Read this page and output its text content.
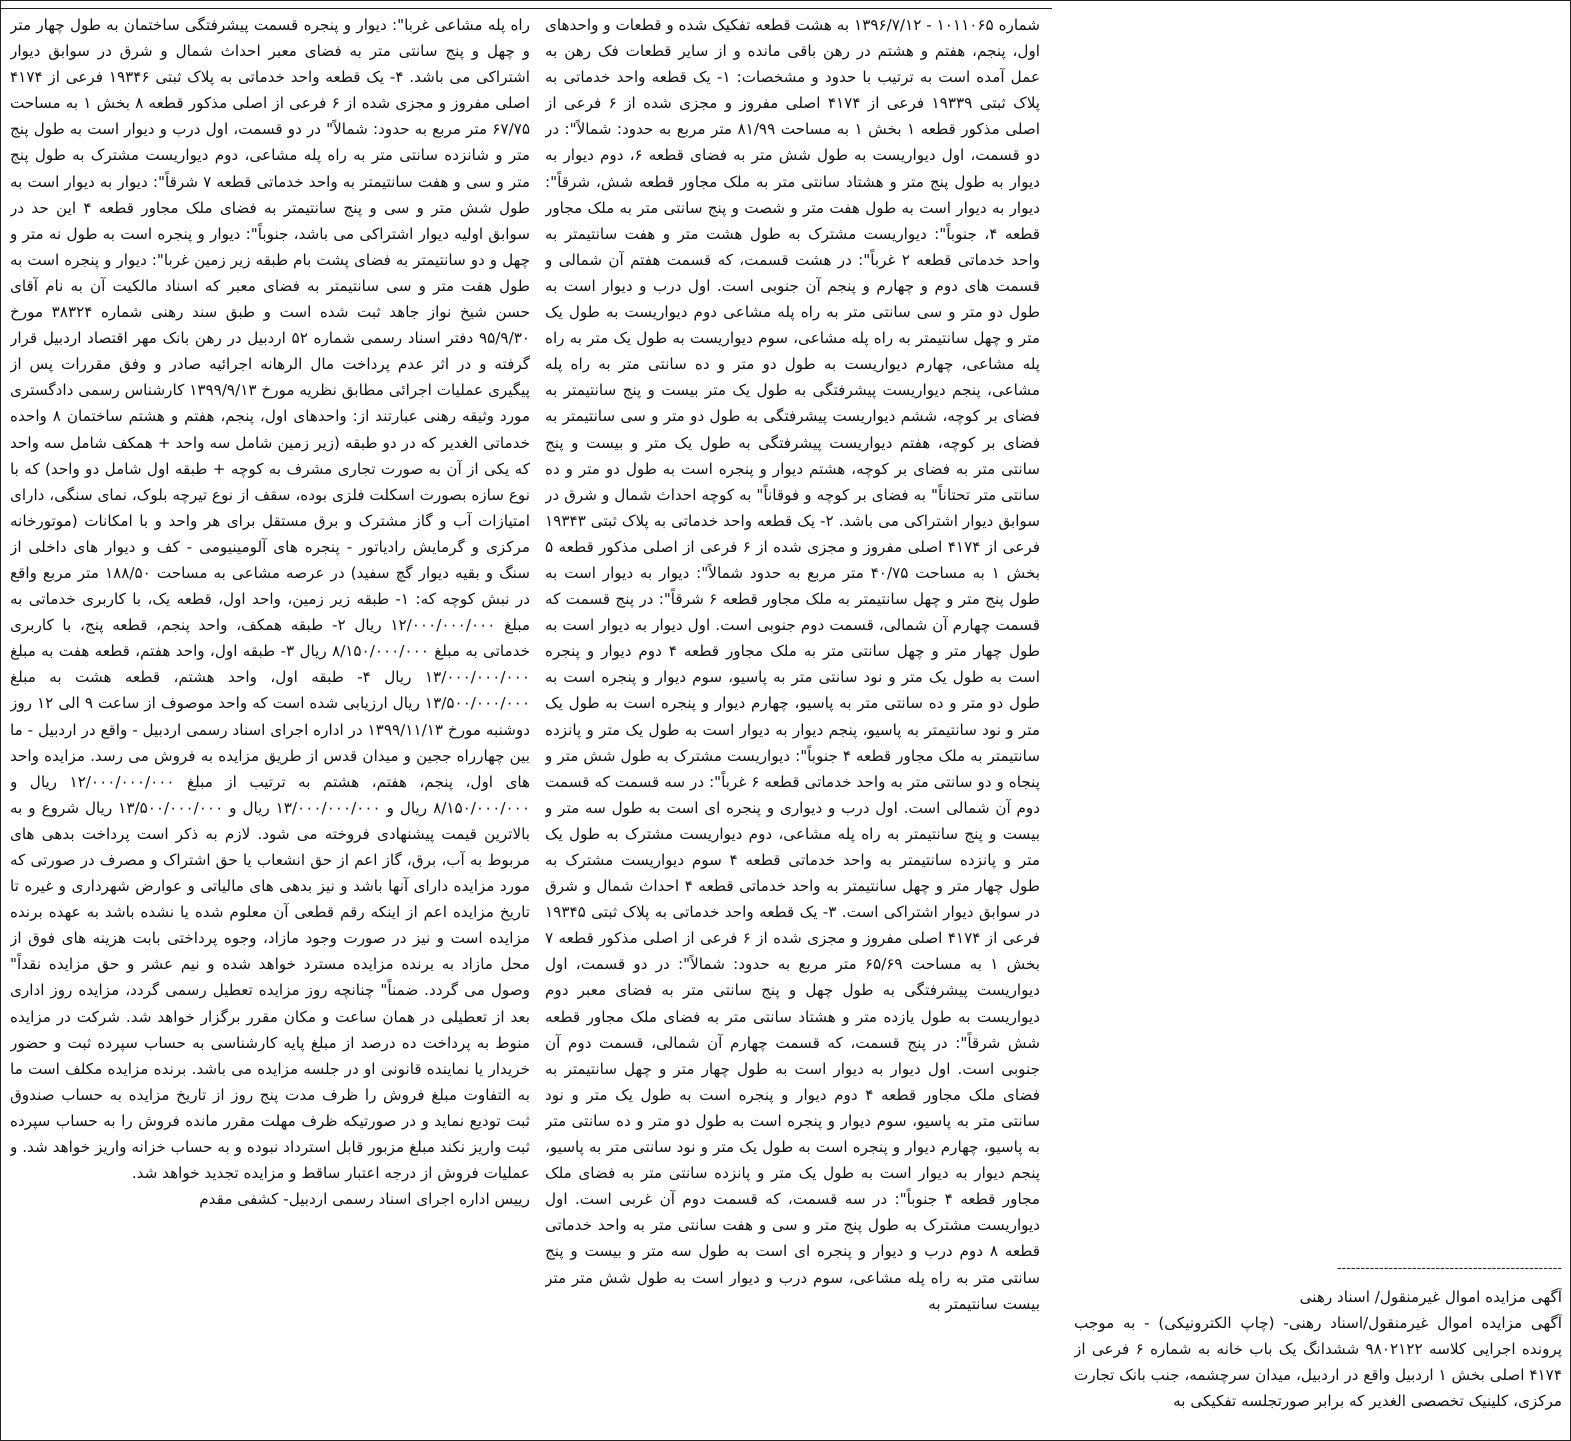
راه پله مشاعی غربا": دیوار و پنجره قسمت پیشرفتگی ساختمان به طول چهار متر و چهل و پنج سانتی متر به فضای معبر احداث شمال و شرق در سوابق دیوار اشتراکی می باشد. ۴- یک قطعه واحد خدماتی به پلاک ثبتی ۱۹۳۴۶ فرعی از ۴۱۷۴ اصلی مفروز و مجزی شده از ۶ فرعی از اصلی مذکور قطعه ۸ بخش ۱ به مساحت ۶۷/۷۵ متر مربع به حدود: شمالاً" در دو قسمت، اول درب و دیوار است به طول پنج متر و شانزده سانتی متر به راه پله مشاعی، دوم دیواریست مشترک به طول پنج متر و سی و هفت سانتیمتر به واحد خدماتی قطعه ۷ شرقاً": دیوار به دیوار است به طول شش متر و سی و پنج سانتیمتر به فضای ملک مجاور قطعه ۴ این حد در سوابق اولیه دیوار اشتراکی می باشد، جنوباً": دیوار و پنجره است به طول نه متر و چهل و دو سانتیمتر به فضای پشت بام طبقه زیر زمین غربا": دیوار و پنجره است به طول هفت متر و سی سانتیمتر به فضای معبر که اسناد مالکیت آن به نام آقای حسن شیخ نواز جاهد ثبت شده است و طبق سند رهنی شماره ۳۸۳۲۴ مورخ ۹۵/۹/۳۰ دفتر اسناد رسمی شماره ۵۲ اردبیل در رهن بانک مهر اقتصاد اردبیل قرار گرفته و در اثر عدم پرداخت مال الرهانه اجرائیه صادر و وفق مقررات پس از پیگیری عملیات اجرائی مطابق نظریه مورخ ۱۳۹۹/۹/۱۳ کارشناس رسمی دادگستری مورد وثیقه رهنی عبارتند از: واحدهای اول، پنجم، هفتم و هشتم ساختمان ۸ واحده خدماتی الغدیر که در دو طبقه (زیر زمین شامل سه واحد + همکف شامل سه واحد که یکی از آن به صورت تجاری مشرف به کوچه + طبقه اول شامل دو واحد) که با نوع سازه بصورت اسکلت فلزی بوده، سقف از نوع تیرچه بلوک، نمای سنگی، دارای امتیازات آب و گاز مشترک و برق مستقل برای هر واحد و با امکانات (موتورخانه مرکزی و گرمایش رادیاتور - پنجره های آلومینیومی - کف و دیوار های داخلی از سنگ و بقیه دیوار گچ سفید) در عرصه مشاعی به مساحت ۱۸۸/۵۰ متر مربع واقع در نبش کوچه که: ۱- طبقه زیر زمین، واحد اول، قطعه یک، با کاربری خدماتی به مبلغ ۱۲/۰۰۰/۰۰۰/۰۰۰ ریال ۲- طبقه همکف، واحد پنجم، قطعه پنج، با کاربری خدماتی به مبلغ ۸/۱۵۰/۰۰۰/۰۰۰ ریال ۳- طبقه اول، واحد هفتم، قطعه هفت به مبلغ ۱۳/۰۰۰/۰۰۰/۰۰۰ ریال ۴- طبقه اول، واحد هشتم، قطعه هشت به مبلغ ۱۳/۵۰۰/۰۰۰/۰۰۰ ریال ارزیابی شده است که واحد موصوف از ساعت ۹ الی ۱۲ روز دوشنبه مورخ ۱۳۹۹/۱۱/۱۳ در اداره اجرای اسناد رسمی اردبیل - واقع در اردبیل - ما بین چهارراه ججین و میدان قدس از طریق مزایده به فروش می رسد. مزایده واحد های اول، پنجم، هفتم، هشتم به ترتیب از مبلغ ۱۲/۰۰۰/۰۰۰/۰۰۰ ریال و ۸/۱۵۰/۰۰۰/۰۰۰ ریال و ۱۳/۰۰۰/۰۰۰/۰۰۰ ریال و ۱۳/۵۰۰/۰۰۰/۰۰۰ ریال شروع و به بالاترین قیمت پیشنهادی فروخته می شود. لازم به ذکر است پرداخت بدهی های مربوط به آب، برق، گاز اعم از حق انشعاب یا حق اشتراک و مصرف در صورتی که مورد مزایده دارای آنها باشد و نیز بدهی های مالیاتی و عوارض شهرداری و غیره تا تاریخ مزایده اعم از اینکه رقم قطعی آن معلوم شده یا نشده باشد به عهده برنده مزایده است و نیز در صورت وجود مازاد، وجوه پرداختی بابت هزینه های فوق از محل مازاد به برنده مزایده مسترد خواهد شده و نیم عشر و حق مزایده نقداً" وصول می گردد. ضمناً" چنانچه روز مزایده تعطیل رسمی گردد، مزایده روز اداری بعد از تعطیلی در همان ساعت و مکان مقرر برگزار خواهد شد. شرکت در مزایده منوط به پرداخت ده درصد از مبلغ پایه کارشناسی به حساب سپرده ثبت و حضور خریدار یا نماینده قانونی او در جلسه مزایده می باشد. برنده مزایده مکلف است ما به التفاوت مبلغ فروش را ظرف مدت پنج روز از تاریخ مزایده به حساب صندوق ثبت تودیع نماید و در صورتیکه ظرف مهلت مقرر مانده فروش را به حساب سپرده ثبت واریز نکند مبلغ مزبور قابل استرداد نبوده و به حساب خزانه واریز خواهد شد. و عملیات فروش از درجه اعتبار ساقط و مزایده تجدید خواهد شد.
رییس اداره اجرای اسناد رسمی اردبیل- کشفی مقدم
شماره ۱۰۱۱۰۶۵ - ۱۳۹۶/۷/۱۲ به هشت قطعه تفکیک شده و قطعات و واحدهای اول، پنجم، هفتم و هشتم در رهن باقی مانده و از سایر قطعات فک رهن به عمل آمده است به ترتیب با حدود و مشخصات: ۱- یک قطعه واحد خدماتی به پلاک ثبتی ۱۹۳۳۹ فرعی از ۴۱۷۴ اصلی مفروز و مجزی شده از ۶ فرعی از اصلی مذکور قطعه ۱ بخش ۱ به مساحت ۸۱/۹۹ متر مربع به حدود: شمالاً": در دو قسمت، اول دیواریست به طول شش متر به فضای قطعه ۶، دوم دیوار به دیوار به طول پنج متر و هشتاد سانتی متر به ملک مجاور قطعه شش، شرقاً": دیوار به دیوار است به طول هفت متر و شصت و پنج سانتی متر به ملک مجاور قطعه ۴، جنوباً": دیواریست مشترک به طول هشت متر و هفت سانتیمتر به واحد خدماتی قطعه ۲ غرباً": در هشت قسمت، که قسمت هفتم آن شمالی و قسمت های دوم و چهارم و پنجم آن جنوبی است. اول درب و دیوار است به طول دو متر و سی سانتی متر به راه پله مشاعی دوم دیواریست به طول یک متر و چهل سانتیمتر به راه پله مشاعی، سوم دیواریست به طول یک متر به راه پله مشاعی، چهارم دیواریست به طول دو متر و ده سانتی متر به راه پله مشاعی، پنجم دیواریست پیشرفتگی به طول یک متر بیست و پنج سانتیمتر به فضای بر کوچه، ششم دیواریست پیشرفتگی به طول دو متر و سی سانتیمتر به فضای بر کوچه، هفتم دیواریست پیشرفتگی به طول یک متر و بیست و پنج سانتی متر به فضای بر کوچه، هشتم دیوار و پنجره است به طول دو متر و ده سانتی متر تحتاناً" به فضای بر کوچه و فوقاناً" به کوچه احداث شمال و شرق در سوابق دیوار اشتراکی می باشد. ۲- یک قطعه واحد خدماتی به پلاک ثبتی ۱۹۳۴۳ فرعی از ۴۱۷۴ اصلی مفروز و مجزی شده از ۶ فرعی از اصلی مذکور قطعه ۵ بخش ۱ به مساحت ۴۰/۷۵ متر مربع به حدود شمالاً": دیوار به دیوار است به طول پنج متر و چهل سانتیمتر به ملک مجاور قطعه ۶ شرقاً": در پنج قسمت که قسمت چهارم آن شمالی، قسمت دوم جنوبی است. اول دیوار به دیوار است به طول چهار متر و چهل سانتی متر به ملک مجاور قطعه ۴ دوم دیوار و پنجره است به طول یک متر و نود سانتی متر به پاسیو، سوم دیوار و پنجره است به طول دو متر و ده سانتی متر به پاسیو، چهارم دیوار و پنجره است به طول یک متر و نود سانتیمتر به پاسیو، پنجم دیوار به دیوار است به طول یک متر و پانزده سانتیمتر به ملک مجاور قطعه ۴ جنوباً": دیواریست مشترک به طول شش متر و پنجاه و دو سانتی متر به واحد خدماتی قطعه ۶ غرباً": در سه قسمت که قسمت دوم آن شمالی است. اول درب و دیواری و پنجره ای است به طول سه متر و بیست و پنج سانتیمتر به راه پله مشاعی، دوم دیواریست مشترک به طول یک متر و پانزده سانتیمتر به واحد خدماتی قطعه ۴ سوم دیواریست مشترک به طول چهار متر و چهل سانتیمتر به واحد خدماتی قطعه ۴ احداث شمال و شرق در سوابق دیوار اشتراکی است. ۳- یک قطعه واحد خدماتی به پلاک ثبتی ۱۹۳۴۵ فرعی از ۴۱۷۴ اصلی مفروز و مجزی شده از ۶ فرعی از اصلی مذکور قطعه ۷ بخش ۱ به مساحت ۶۵/۶۹ متر مربع به حدود: شمالاً": در دو قسمت، اول دیواریست پیشرفتگی به طول چهل و پنج سانتی متر به فضای معبر دوم دیواریست به طول یازده متر و هشتاد سانتی متر به فضای ملک مجاور قطعه شش شرقاً": در پنج قسمت، که قسمت چهارم آن شمالی، قسمت دوم آن جنوبی است. اول دیوار به دیوار است به طول چهار متر و چهل سانتیمتر به فضای ملک مجاور قطعه ۴ دوم دیوار و پنجره است به طول یک متر و نود سانتی متر به پاسیو، سوم دیوار و پنجره است به طول دو متر و ده سانتی متر به پاسیو، چهارم دیوار و پنجره است به طول یک متر و نود سانتی متر به پاسیو، پنجم دیوار به دیوار است به طول یک متر و پانزده سانتی متر به فضای ملک مجاور قطعه ۴ جنوباً": در سه قسمت، که قسمت دوم آن غربی است. اول دیواریست مشترک به طول پنج متر و سی و هفت سانتی متر به واحد خدماتی قطعه ۸ دوم درب و دیوار و پنجره ای است به طول سه متر و بیست و پنج سانتی متر به راه پله مشاعی، سوم درب و دیوار است به طول شش متر متر بیست سانتیمتر به
------------------------------------------------
آگهی مزایده اموال غیرمنقول/ اسناد رهنی
آگهی مزایده اموال غیرمنقول/اسناد رهنی- (چاپ الکترونیکی) - به موجب پرونده اجرایی کلاسه ۹۸۰۲۱۲۲ ششدانگ یک باب خانه به شماره ۶ فرعی از ۴۱۷۴ اصلی بخش ۱ اردبیل واقع در اردبیل، میدان سرچشمه، جنب بانک تجارت مرکزی، کلینیک تخصصی الغدیر که برابر صورتجلسه تفکیکی به
